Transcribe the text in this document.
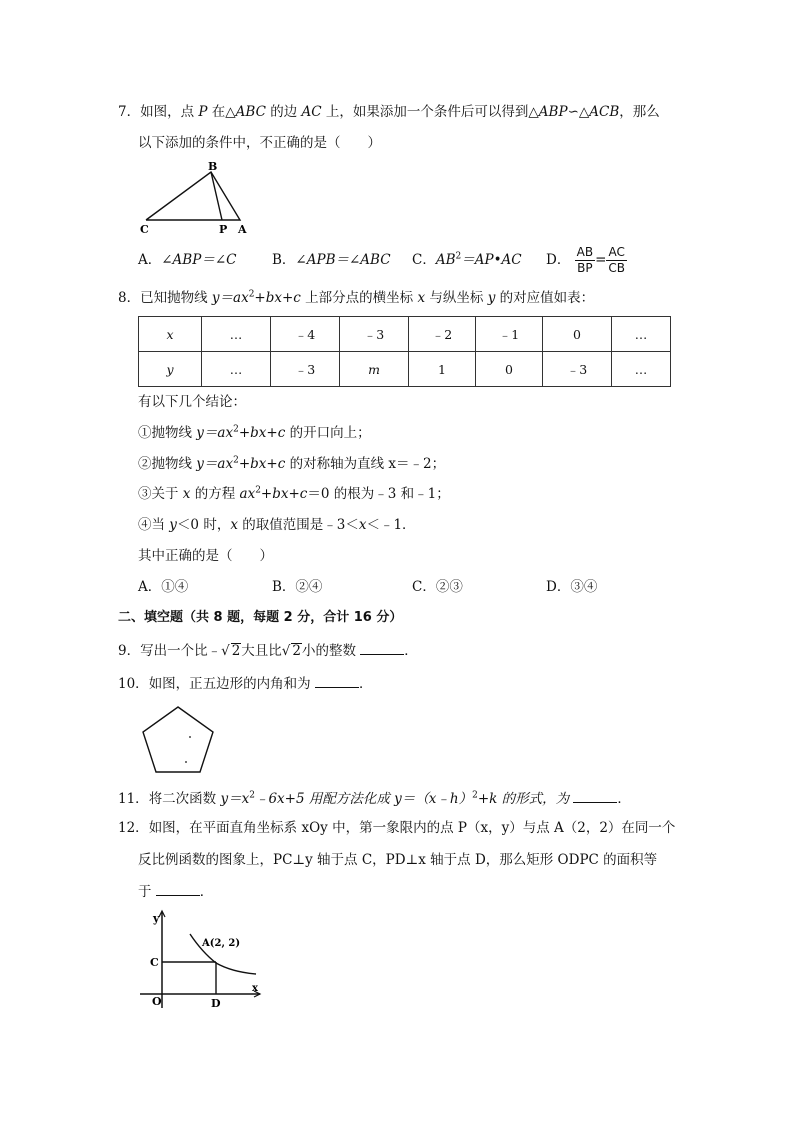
7．如图，点 P 在△ABC 的边 AC 上，如果添加一个条件后可以得到△ABP∽△ACB，那么
以下添加的条件中，不正确的是（　　）
B
C	P A
A．∠ABP＝∠C	B．∠APB＝∠ABC C．$AB^2=AP•AC$ D． $\frac{AB}{BP} = \frac{AC}{CB}$
8．已知抛物线 $y=ax^2+bx+c$ 上部分点的横坐标 x 与纵坐标 y 的对应值如表：
x	…	﹣4	﹣3	﹣2	﹣1	0	…
y	…	﹣3	m	1	0	﹣3	…
有以下几个结论：
①抛物线 $y=ax^2+bx+c$ 的开口向上；
②抛物线 $y=ax^2+bx+c$ 的对称轴为直线 x＝﹣2；
③关于 x 的方程 $ax^2+bx+c=0$ 的根为﹣3 和﹣1；
④当 y＜0 时，x 的取值范围是﹣3＜x＜﹣1．
其中正确的是（　　）
A．①④	B．②④	C．②③	D．③④
二、填空题（共 8 题，每题 2 分，合计 16 分）
9．写出一个比﹣√ 2大且比√ 2小的整数	．
10．如图，正五边形的内角和为	．
11．将二次函数 $y=x^2﹣6x+5$ 用配方法化成 y＝（x﹣h）$^2$+k 的形式，为	．
12．如图，在平面直角坐标系 xOy 中，第一象限内的点 P（x，y）与点 A（2，2）在同一个
反比例函数的图象上，PC⊥y 轴于点 C，PD⊥x 轴于点 D，那么矩形 ODPC 的面积等
于	．
y
A(2, 2)
C
O	D
x
